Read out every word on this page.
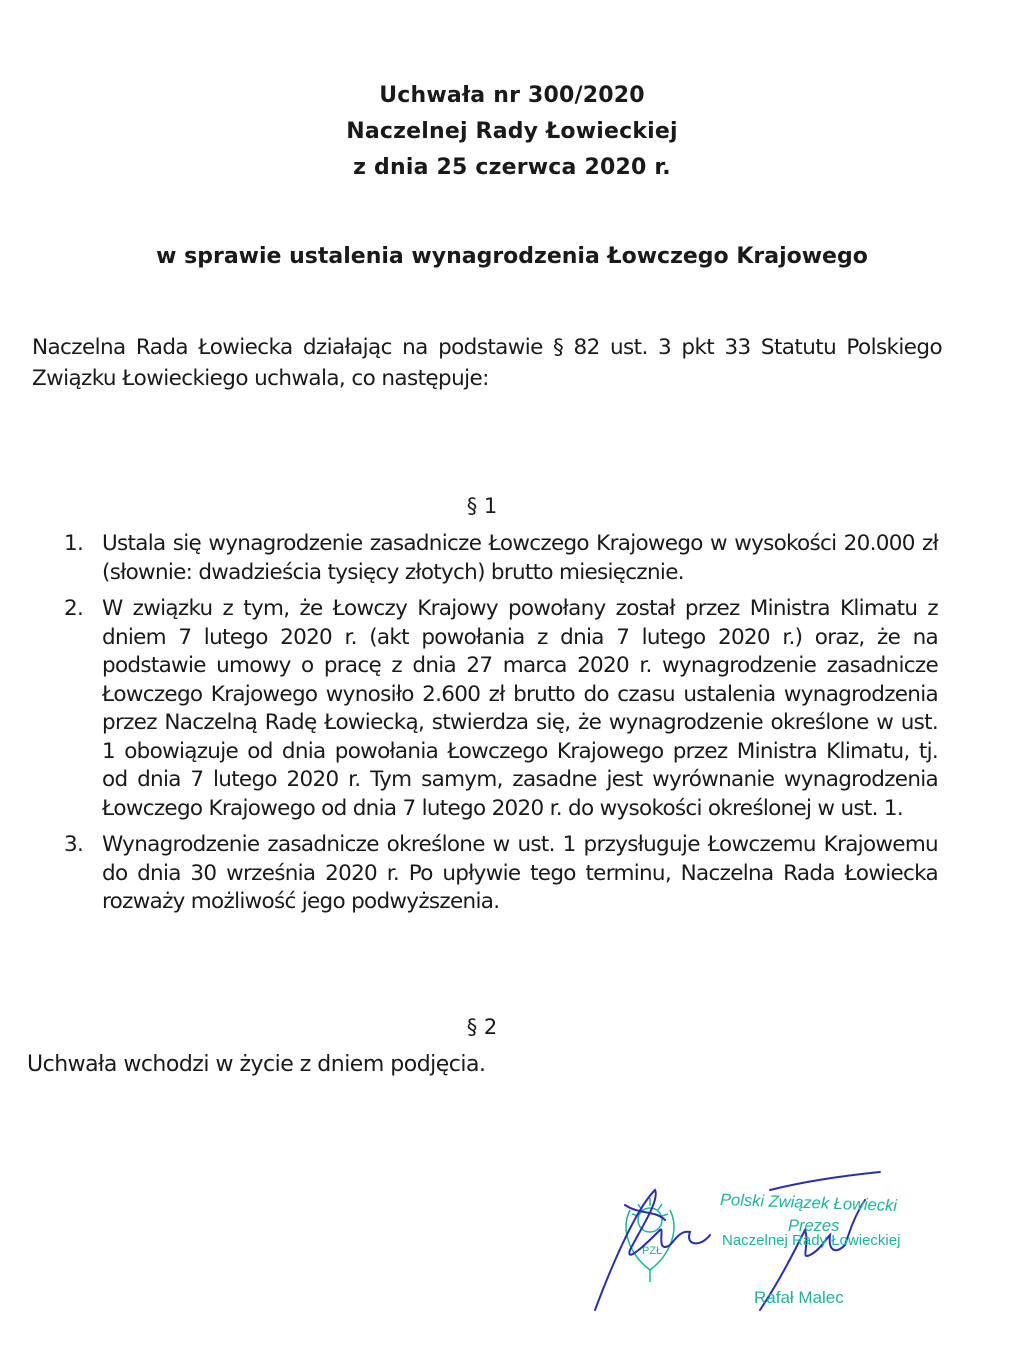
Uchwała nr 300/2020
Naczelnej Rady Łowieckiej
z dnia 25 czerwca 2020 r.
w sprawie ustalenia wynagrodzenia Łowczego Krajowego
Naczelna Rada Łowiecka działając na podstawie § 82 ust. 3 pkt 33 Statutu Polskiego Związku Łowieckiego uchwala, co następuje:
§ 1
1. Ustala się wynagrodzenie zasadnicze Łowczego Krajowego w wysokości 20.000 zł (słownie: dwadzieścia tysięcy złotych) brutto miesięcznie.
2. W związku z tym, że Łowczy Krajowy powołany został przez Ministra Klimatu z dniem 7 lutego 2020 r. (akt powołania z dnia 7 lutego 2020 r.) oraz, że na podstawie umowy o pracę z dnia 27 marca 2020 r. wynagrodzenie zasadnicze Łowczego Krajowego wynosiło 2.600 zł brutto do czasu ustalenia wynagrodzenia przez Naczelną Radę Łowiecką, stwierdza się, że wynagrodzenie określone w ust. 1 obowiązuje od dnia powołania Łowczego Krajowego przez Ministra Klimatu, tj. od dnia 7 lutego 2020 r. Tym samym, zasadne jest wyrównanie wynagrodzenia Łowczego Krajowego od dnia 7 lutego 2020 r. do wysokości określonej w ust. 1.
3. Wynagrodzenie zasadnicze określone w ust. 1 przysługuje Łowczemu Krajowemu do dnia 30 września 2020 r. Po upływie tego terminu, Naczelna Rada Łowiecka rozważy możliwość jego podwyższenia.
§ 2
Uchwała wchodzi w życie z dniem podjęcia.
PZŁ
Polski Związek Łowiecki
Prezes
Naczelnej Rady Łowieckiej
Rafał Malec
